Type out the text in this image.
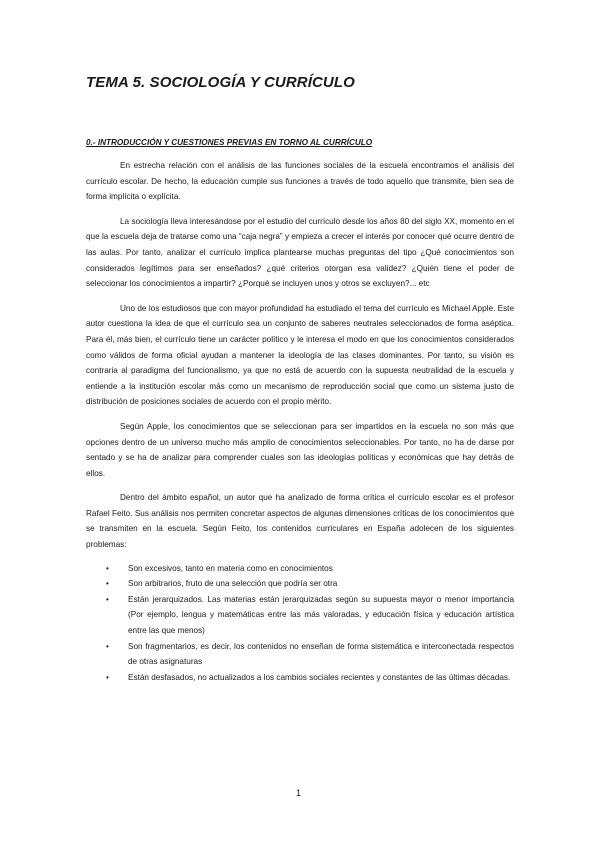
TEMA 5. SOCIOLOGÍA Y CURRÍCULO
0.- INTRODUCCIÓN Y CUESTIONES PREVIAS EN TORNO AL CURRÍCULO

En estrecha relación con el análisis de las funciones sociales de la escuela encontramos el análisis del currículo escolar. De hecho, la educación cumple sus funciones a través de todo aquello que transmite, bien sea de forma implícita o explícita.

La sociología lleva interesándose por el estudio del currículo desde los años 80 del siglo XX, momento en el que la escuela deja de tratarse como una “caja negra” y empieza a crecer el interés por conocer qué ocurre dentro de las aulas. Por tanto, analizar el currículo implica plantearse muchas preguntas del tipo ¿Qué conocimientos son considerados legítimos para ser enseñados? ¿qué criterios otorgan esa validez? ¿Quién tiene el poder de seleccionar los conocimientos a impartir? ¿Porqué se incluyen unos y otros se excluyen?... etc

Uno de los estudiosos que con mayor profundidad ha estudiado el tema del currículo es Michael Apple. Este autor cuestiona la idea de que el currículo sea un conjunto de saberes neutrales seleccionados de forma aséptica. Para él, más bien, el currículo tiene un carácter político y le interesa el modo en que los conocimientos considerados como válidos de forma oficial ayudan a mantener la ideología de las clases dominantes. Por tanto, su visión es contraria al paradigma del funcionalismo, ya que no está de acuerdo con la supuesta neutralidad de la escuela y entiende a la institución escolar más como un mecanismo de reproducción social que como un sistema justo de distribución de posiciones sociales de acuerdo con el propio mérito.

Según Apple, los conocimientos que se seleccionan para ser impartidos en la escuela no son más que opciones dentro de un universo mucho más amplio de conocimientos seleccionables. Por tanto, no ha de darse por sentado y se ha de analizar para comprender cuales son las ideologías políticas y económicas que hay detrás de ellos.

Dentro del ámbito español, un autor que ha analizado de forma crítica el currículo escolar es el profesor Rafael Feito. Sus análisis nos permiten concretar aspectos de algunas dimensiones críticas de los conocimientos que se transmiten en la escuela. Según Feito, los contenidos curriculares en España adolecen de los siguientes problemas:

• Son excesivos, tanto en materia como en conocimientos
• Son arbitrarios, fruto de una selección que podría ser otra
• Están jerarquizados. Las materias están jerarquizadas según su supuesta mayor o menor importancia (Por ejemplo, lengua y matemáticas entre las más valoradas, y educación física y educación artística entre las que menos)
• Son fragmentarios, es decir, los contenidos no enseñan de forma sistemática e interconectada respectos de otras asignaturas
• Están desfasados, no actualizados a los cambios sociales recientes y constantes de las últimas décadas.
1
